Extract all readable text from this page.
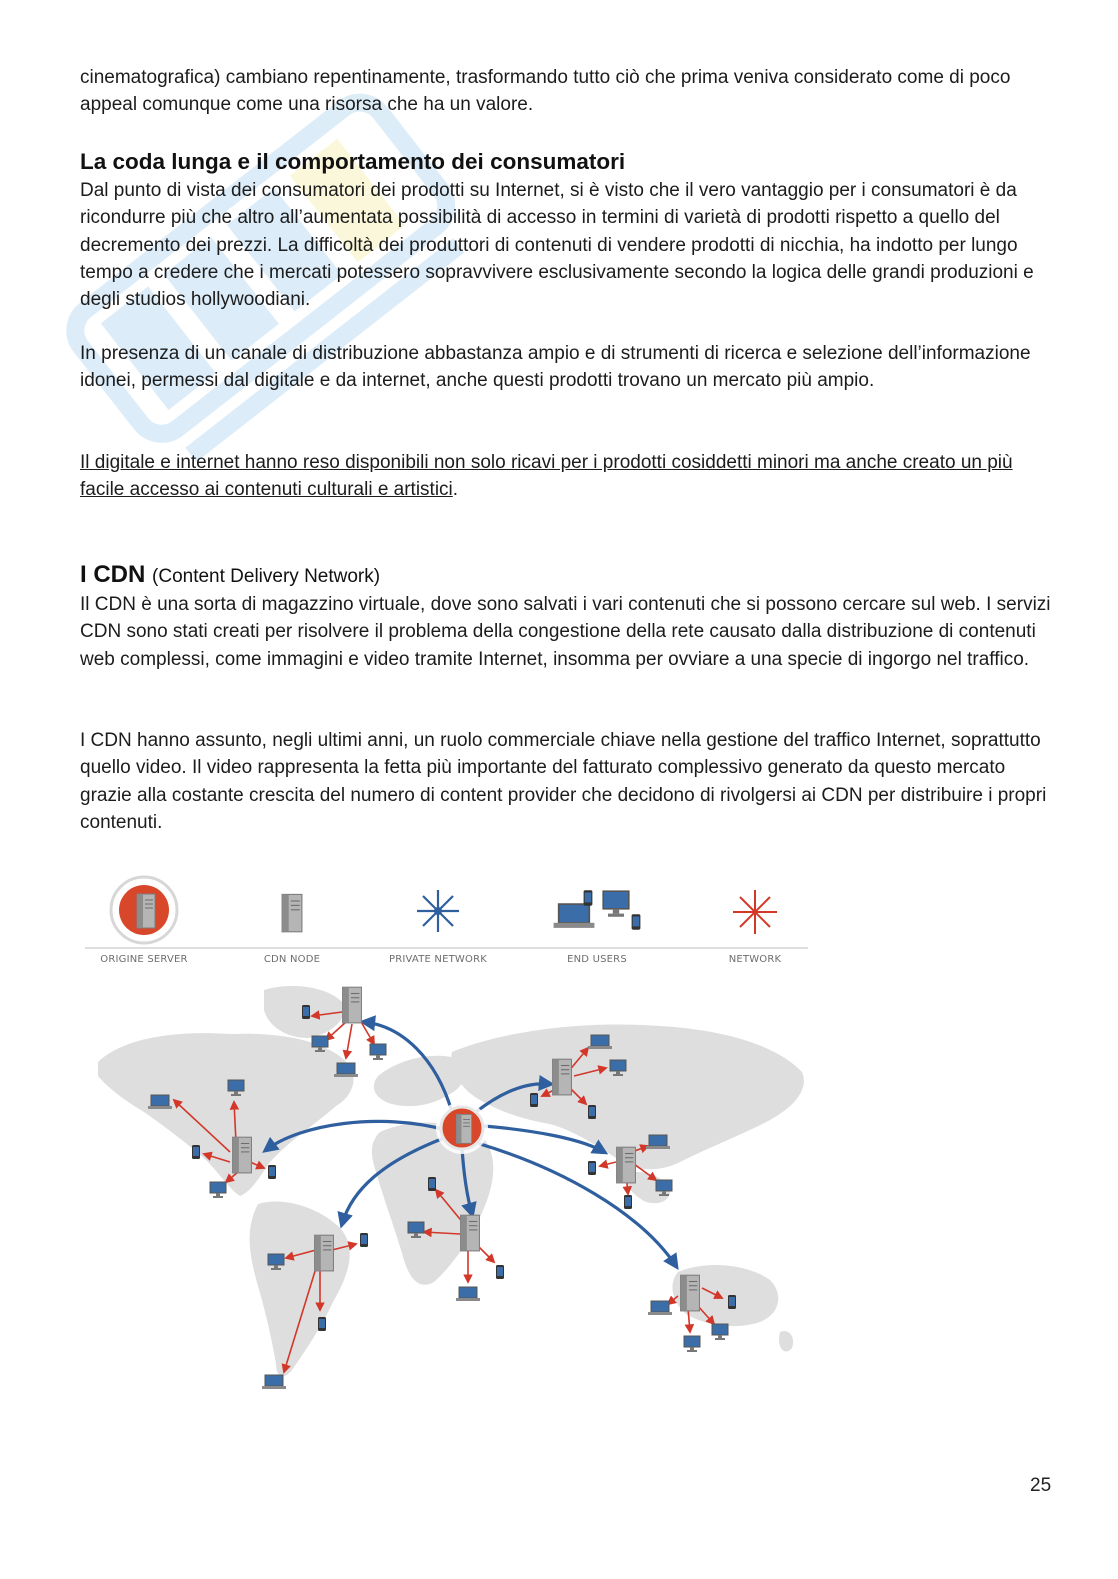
cinematografica) cambiano repentinamente, trasformando tutto ciò che prima veniva considerato come di poco appeal comunque come una risorsa che ha un valore.

La coda lunga e il comportamento dei consumatori

Dal punto di vista dei consumatori dei prodotti su Internet, si è visto che il vero vantaggio per i consumatori è da ricondurre più che altro all’aumentata possibilità di accesso in termini di varietà di prodotti rispetto a quello del decremento dei prezzi. La difficoltà dei produttori di contenuti di vendere prodotti di nicchia, ha indotto per lungo tempo a credere che i mercati potessero sopravvivere esclusivamente secondo la logica delle grandi produzioni e degli studios hollywoodiani.

In presenza di un canale di distribuzione abbastanza ampio e di strumenti di ricerca e selezione dell’informazione idonei, permessi dal digitale e da internet, anche questi prodotti trovano un mercato più ampio.

Il digitale e internet hanno reso disponibili non solo ricavi per i prodotti cosiddetti minori ma anche creato un più facile accesso ai contenuti culturali e artistici.

I CDN (Content Delivery Network)

Il CDN è una sorta di magazzino virtuale, dove sono salvati i vari contenuti che si possono cercare sul web. I servizi CDN sono stati creati per risolvere il problema della congestione della rete causato dalla distribuzione di contenuti web complessi, come immagini e video tramite Internet, insomma per ovviare a una specie di ingorgo nel traffico.

I CDN hanno assunto, negli ultimi anni, un ruolo commerciale chiave nella gestione del traffico Internet, soprattutto quello video. Il video rappresenta la fetta più importante del fatturato complessivo generato da questo mercato grazie alla costante crescita del numero di content provider che decidono di rivolgersi ai CDN per distribuire i propri contenuti.

ORIGINE SERVER	CDN NODE	PRIVATE NETWORK	END USERS	NETWORK
25
